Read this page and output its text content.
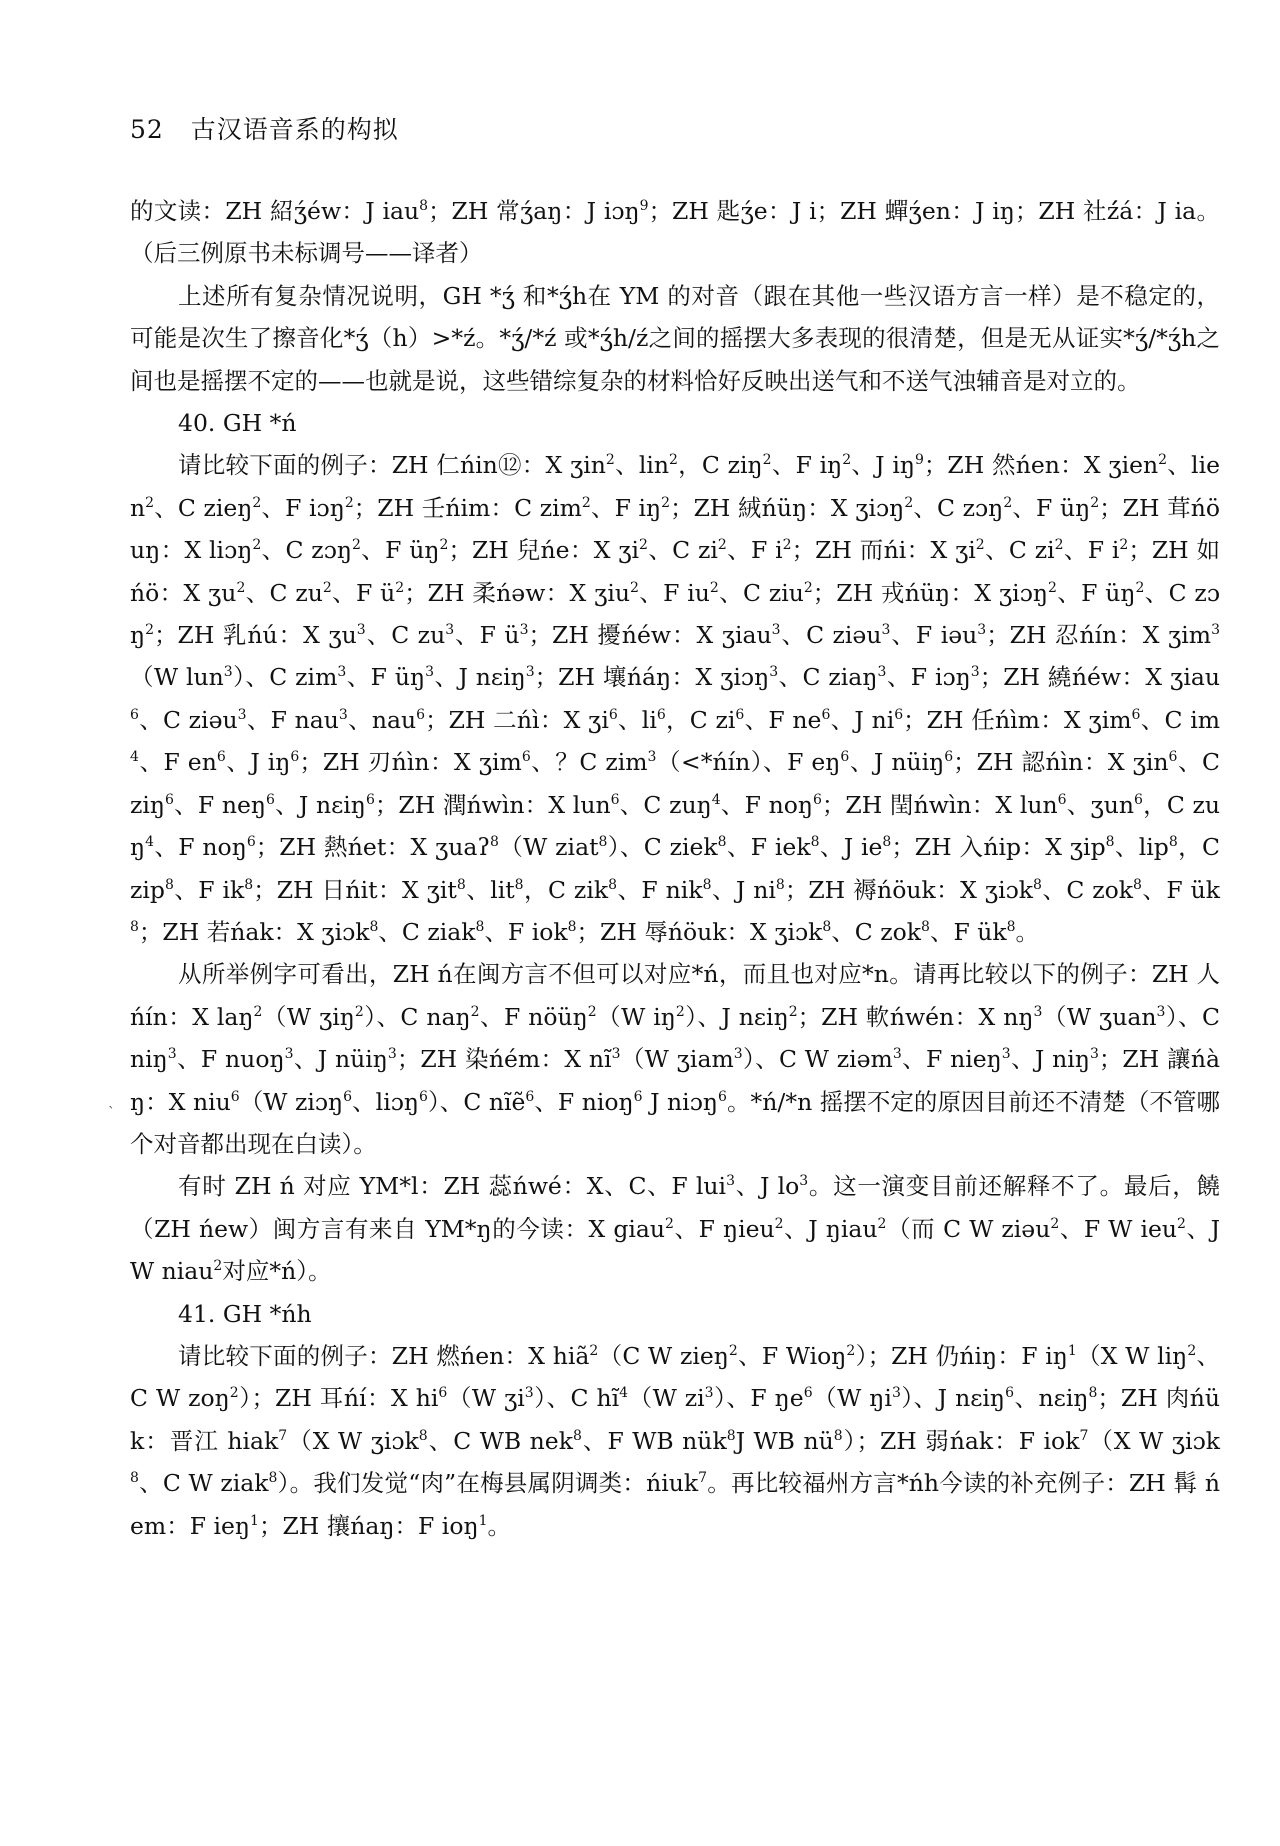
52 古汉语音系的构拟

的文读：ZH 紹ʒ́éw：J iau$^8$；ZH 常ʒ́aŋ：J iɔŋ$^9$；ZH 匙ʒ́e：J i；ZH 蟬ʒ́en：J iŋ；ZH 社ź́á：J ia。（后三例原书未标调号——译者）

上述所有复杂情况说明，GH *ʒ́ 和*ʒ́h在 YM 的对音（跟在其他一些汉语方言一样）是不稳定的，可能是次生了擦音化*ʒ́（h）>*ź。*ʒ́/*ź 或*ʒ́h/ź之间的摇摆大多表现的很清楚，但是无从证实*ʒ́/*ʒ́h之间也是摇摆不定的——也就是说，这些错综复杂的材料恰好反映出送气和不送气浊辅音是对立的。

40. GH *ń

请比较下面的例子：ZH 仁ńin⑫：X ʒin$^2$、lin$^2$，C ziŋ$^2$、F $iŋ^2$、J $iŋ^9$；ZH 然ńen：X ʒien$^2$、lien$^2$、C zieŋ$^2$、F iɔŋ$^2$；ZH 壬ńim：C zim$^2$、F $iŋ^2$；ZH 絨ńüŋ：X ʒiɔŋ$^2$、C zɔŋ$^2$、F $üŋ^2$；ZH 茸ńöuŋ：X liɔŋ$^2$、C zɔŋ$^2$、F $üŋ^2$；ZH 兒ńe：X ʒi$^2$、C $zi^2$、F $i^2$；ZH 而ńi：X ʒi$^2$、C $zi^2$、F $i^2$；ZH 如ńö：X ʒu$^2$、C $zu^2$、F $ü^2$；ZH 柔ńəw：X ʒiu$^2$、F $iu^2$、C ziu$^2$；ZH 戎ńüŋ：X ʒiɔŋ$^2$、F $üŋ^2$、C zɔŋ$^2$；ZH 乳ńú：X ʒu$^3$、C $zu^3$、F $ü^3$；ZH 擾ńéw：X ʒiau$^3$、C ziəu$^3$、F iəu$^3$；ZH 忍ńín：X ʒim$^3$（W lun$^3$）、C zim$^3$、F $üŋ^3$、J nεiŋ$^3$；ZH 壤ńáŋ：X ʒiɔŋ$^3$、C ziaŋ$^3$、F iɔŋ$^3$；ZH 繞ńéw：X ʒiau$^6$、C ziəu$^3$、F nau$^3$、nau$^6$；ZH 二ńì：X ʒi$^6$、$li^6$，C $zi^6$、F $ne^6$、J $ni^6$；ZH 任ńìm：X ʒim$^6$、C $im^4$、F $en^6$、J $iŋ^6$；ZH 刃ńìn：X ʒim$^6$、？C zim$^3$（<*ńín）、F $eŋ^6$、J nüiŋ$^6$；ZH 認ńìn：X ʒin$^6$、C ziŋ$^6$、F neŋ$^6$、J nεiŋ$^6$；ZH 潤ńwìn：X lun$^6$、C zuŋ$^4$、F noŋ$^6$；ZH 閏ńwìn：X lun$^6$、ʒun$^6$，C zuŋ$^4$、F noŋ$^6$；ZH 熱ńet：X ʒuaʔ$^8$（W ziat$^8$）、C ziek$^8$、F iek$^8$、J $ie^8$；ZH 入ńip：X ʒip$^8$、lip$^8$，C zip$^8$、F $ik^8$；ZH 日ńit：X ʒit$^8$、lit$^8$，C zik$^8$、F nik$^8$、J $ni^8$；ZH 褥ńöuk：X ʒiɔk$^8$、C zok$^8$、F $ük^8$；ZH 若ńak：X ʒiɔk$^8$、C ziak$^8$、F iok$^8$；ZH 辱ńöuk：X ʒiɔk$^8$、C zok$^8$、F $ük^8$。

从所举例字可看出，ZH ń在闽方言不但可以对应*ń，而且也对应*n。请再比较以下的例子：ZH 人ńín：X laŋ$^2$（W ʒiŋ$^2$）、C naŋ$^2$、F nöüŋ$^2$（W $iŋ^2$）、J nεiŋ$^2$；ZH 軟ńwén：X $nŋ^3(W$ ʒuan$^3$）、C niŋ$^3$、F nuoŋ$^3$、J nüiŋ$^3$；ZH 染ńém：X $nĩ^3(W$ ʒiam$^3$）、C W ziəm$^3$、F nieŋ$^3$、J niŋ$^3$；ZH 讓ńàŋ：X niu$^6$（W ziɔŋ$^6$、liɔŋ$^6$）、C nĩẽ$^6$、F nioŋ$^6$ J niɔŋ$^6$。*ń/*n 摇摆不定的原因目前还不清楚（不管哪个对音都出现在白读）。

有时 ZH ń 对应 YM*l：ZH 蕊ńwé：X、C、F lui$^3$、J $lo^3$。这一演变目前还解释不了。最后，饒（ZH ńew）闽方言有来自 YM*ŋ的今读：X giau$^2$、F ŋieu$^2$、J ŋiau$^2$（而 C W ziəu$^2$、F W ieu$^2$、J W niau$^2$对应*ń）。

41. GH *ńh

请比较下面的例子：ZH 燃ńen：X hiã$^2$（C W zieŋ$^2$、F Wioŋ$^2$）；ZH 仍ńiŋ：F $iŋ^1(X$ W liŋ$^2$、C W zoŋ$^2$）；ZH 耳ńí：X $hi^6(W$ ʒi$^3$）、C $hĩ^4(W$ $zi^3$）、F $ŋe^6(W$ $ŋi^3$）、J nεiŋ$^6$、nεiŋ$^8$；ZH 肉ńük：晋江 hiak$^7$（X W ʒiɔk$^8$、C WB nek$^8$、F WB nük$^8$J WB $nü^8$）；ZH 弱ńak：F iok$^7$（X W ʒiɔk$^8$、C W ziak$^8$）。我们发觉“肉”在梅县属阴调类：ńiuk$^7$。再比较福州方言*ńh今读的补充例子：ZH 髯 ńem：F ieŋ$^1$；ZH 攘ńaŋ：F ioŋ$^1$。

`
